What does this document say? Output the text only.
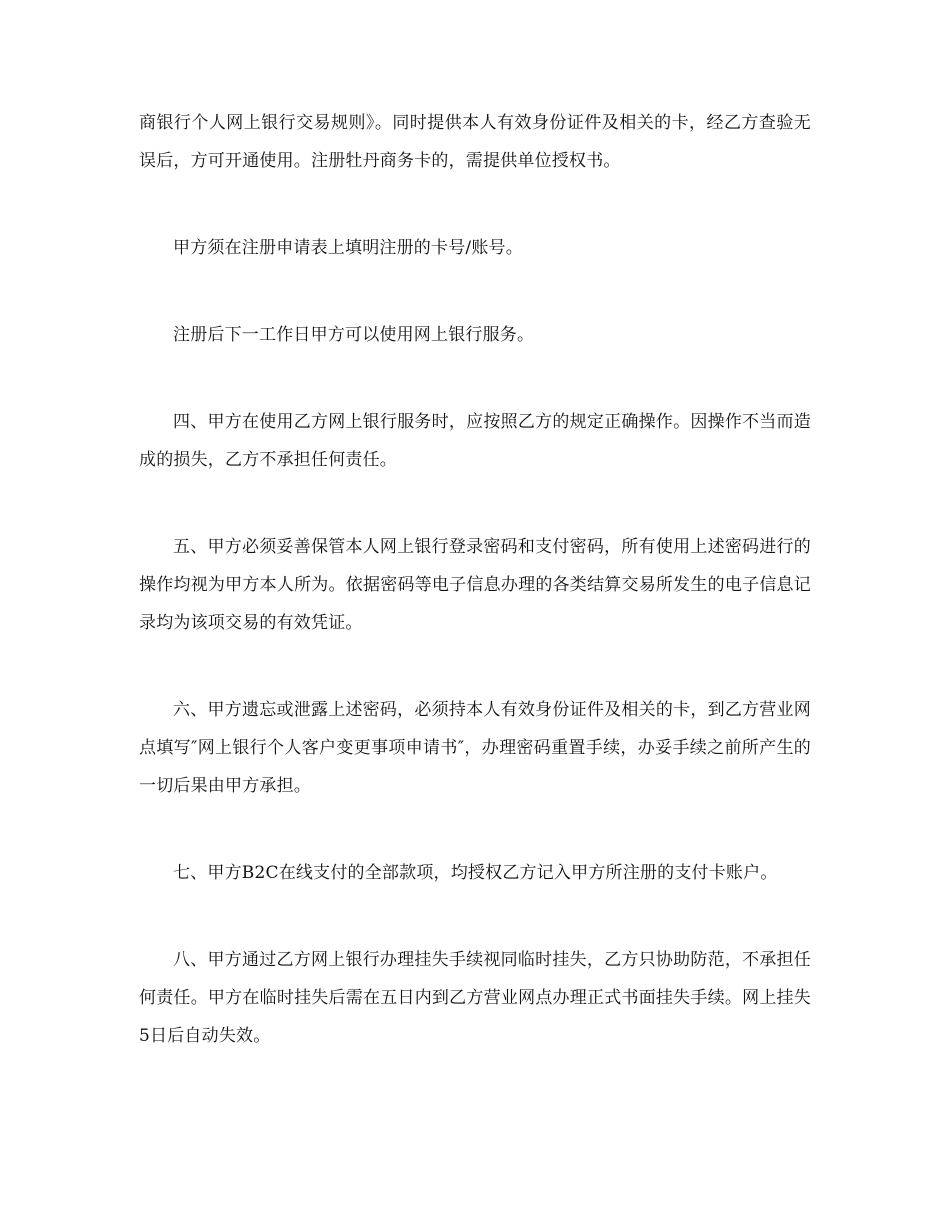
商银行个人网上银行交易规则》。同时提供本人有效身份证件及相关的卡，经乙方查验无误后，方可开通使用。注册牡丹商务卡的，需提供单位授权书。

甲方须在注册申请表上填明注册的卡号/账号。

注册后下一工作日甲方可以使用网上银行服务。

四、甲方在使用乙方网上银行服务时，应按照乙方的规定正确操作。因操作不当而造成的损失，乙方不承担任何责任。

五、甲方必须妥善保管本人网上银行登录密码和支付密码，所有使用上述密码进行的操作均视为甲方本人所为。依据密码等电子信息办理的各类结算交易所发生的电子信息记录均为该项交易的有效凭证。

六、甲方遗忘或泄露上述密码，必须持本人有效身份证件及相关的卡，到乙方营业网点填写″网上银行个人客户变更事项申请书″，办理密码重置手续，办妥手续之前所产生的一切后果由甲方承担。

七、甲方B2C在线支付的全部款项，均授权乙方记入甲方所注册的支付卡账户。

八、甲方通过乙方网上银行办理挂失手续视同临时挂失，乙方只协助防范，不承担任何责任。甲方在临时挂失后需在五日内到乙方营业网点办理正式书面挂失手续。网上挂失5日后自动失效。
